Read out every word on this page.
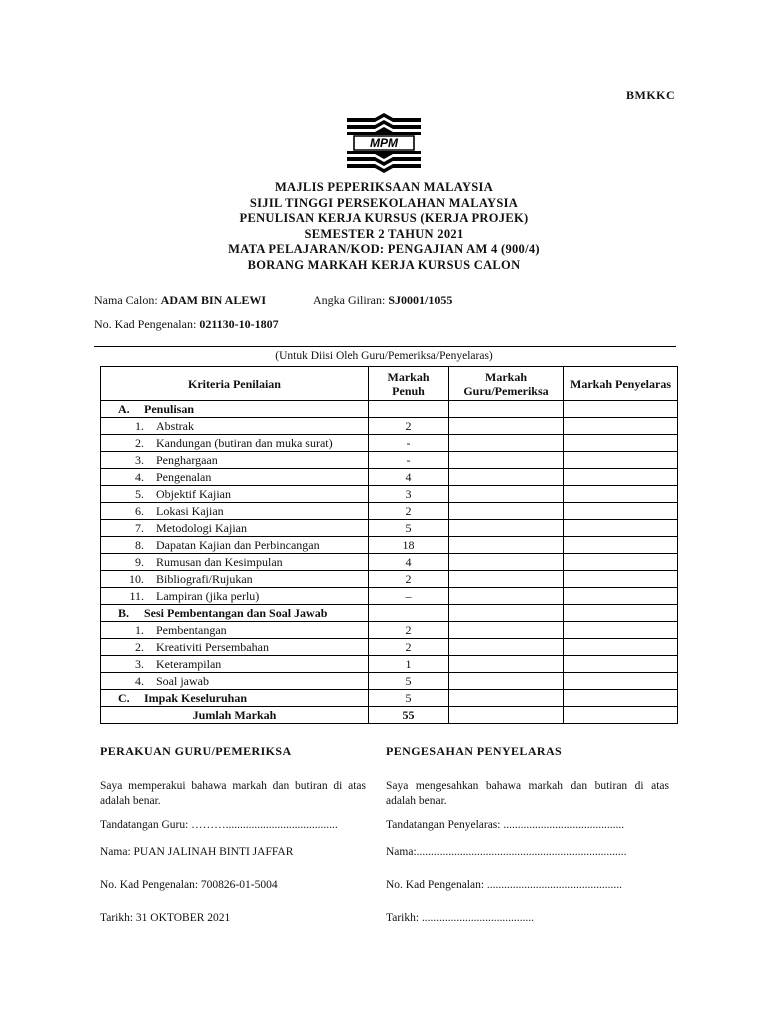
BMKKC
MPM
MAJLIS PEPERIKSAAN MALAYSIA
SIJIL TINGGI PERSEKOLAHAN MALAYSIA
PENULISAN KERJA KURSUS (KERJA PROJEK)
SEMESTER 2 TAHUN 2021
MATA PELAJARAN/KOD: PENGAJIAN AM 4 (900/4)
BORANG MARKAH KERJA KURSUS CALON
Nama Calon: ADAM BIN ALEWI	Angka Giliran: SJ0001/1055
No. Kad Pengenalan: 021130-10-1807
(Untuk Diisi Oleh Guru/Pemeriksa/Penyelaras)
Kriteria Penilaian	Markah Penuh	Markah Guru/Pemeriksa	Markah Penyelaras
A. Penulisan			
1. Abstrak	2		
2. Kandungan (butiran dan muka surat)	-		
3. Penghargaan	-		
4. Pengenalan	4		
5. Objektif Kajian	3		
6. Lokasi Kajian	2		
7. Metodologi Kajian	5		
8. Dapatan Kajian dan Perbincangan	18		
9. Rumusan dan Kesimpulan	4		
10. Bibliografi/Rujukan	2		
11. Lampiran (jika perlu)	–		
B. Sesi Pembentangan dan Soal Jawab			
1. Pembentangan	2		
2. Kreativiti Persembahan	2		
3. Keterampilan	1		
4. Soal jawab	5		
C. Impak Keseluruhan	5		
Jumlah Markah	55		
PERAKUAN GURU/PEMERIKSA	PENGESAHAN PENYELARAS
Saya memperakui bahawa markah dan butiran di atas adalah benar.
Saya mengesahkan bahawa markah dan butiran di atas adalah benar.
Tandatangan Guru: ……….......................................	Tandatangan Penyelaras: ..........................................
Nama: PUAN JALINAH BINTI JAFFAR	Nama:.........................................................................
No. Kad Pengenalan: 700826-01-5004	No. Kad Pengenalan: ...............................................
Tarikh: 31 OKTOBER 2021	Tarikh: .......................................
